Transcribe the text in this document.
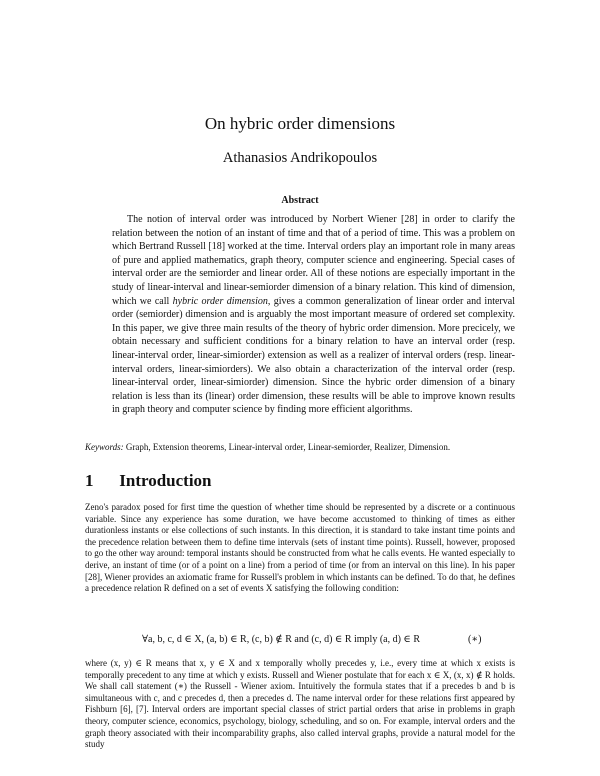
On hybric order dimensions
Athanasios Andrikopoulos
Abstract

The notion of interval order was introduced by Norbert Wiener [28] in order to clarify the relation between the notion of an instant of time and that of a period of time. This was a problem on which Bertrand Russell [18] worked at the time. Interval orders play an important role in many areas of pure and applied mathematics, graph theory, computer science and engineering. Special cases of interval order are the semiorder and linear order. All of these notions are especially important in the study of linear-interval and linear-semiorder dimension of a binary relation. This kind of dimension, which we call hybric order dimension, gives a common generalization of linear order and interval order (semiorder) dimension and is arguably the most important measure of ordered set complexity. In this paper, we give three main results of the theory of hybric order dimension. More precicely, we obtain necessary and sufficient conditions for a binary relation to have an interval order (resp. linear-interval order, linear-simiorder) extension as well as a realizer of interval orders (resp. linear-interval orders, linear-simiorders). We also obtain a characterization of the interval order (resp. linear-interval order, linear-simiorder) dimension. Since the hybric order dimension of a binary relation is less than its (linear) order dimension, these results will be able to improve known results in graph theory and computer science by finding more efficient algorithms.

Keywords: Graph, Extension theorems, Linear-interval order, Linear-semiorder, Realizer, Dimension.
1 Introduction

Zeno's paradox posed for first time the question of whether time should be represented by a discrete or a continuous variable. Since any experience has some duration, we have become accustomed to thinking of times as either durationless instants or else collections of such instants. In this direction, it is standard to take instant time points and the precedence relation between them to define time intervals (sets of instant time points). Russell, however, proposed to go the other way around: temporal instants should be constructed from what he calls events. He wanted especially to derive, an instant of time (or of a point on a line) from a period of time (or from an interval on this line). In his paper [28], Wiener provides an axiomatic frame for Russell's problem in which instants can be defined. To do that, he defines a precedence relation R defined on a set of events X satisfying the following condition:

∀a, b, c, d ∈ X, (a, b) ∈ R, (c, b) ∉ R and (c, d) ∈ R imply (a, d) ∈ R	(∗)

where (x, y) ∈ R means that x, y ∈ X and x temporally wholly precedes y, i.e., every time at which x exists is temporally precedent to any time at which y exists. Russell and Wiener postulate that for each x ∈ X, (x, x) ∉ R holds. We shall call statement (∗) the Russell - Wiener axiom. Intuitively the formula states that if a precedes b and b is simultaneous with c, and c precedes d, then a precedes d. The name interval order for these relations first appeared by Fishburn [6], [7]. Interval orders are important special classes of strict partial orders that arise in problems in graph theory, computer science, economics, psychology, biology, scheduling, and so on. For example, interval orders and the graph theory associated with their incomparability graphs, also called interval graphs, provide a natural model for the study
